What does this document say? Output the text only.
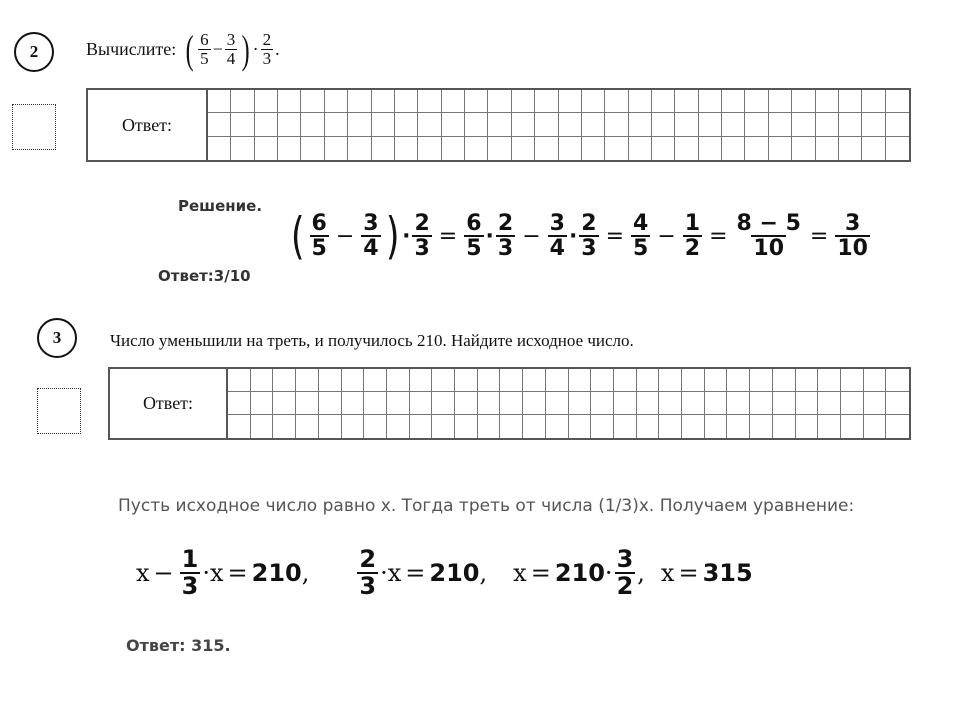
2	Вычислите: ( $\frac{6}{5} - \frac{3}{4}$ ) · $\frac{2}{3}$ .
Ответ:
Решение.
( $\frac{6}{5} - \frac{3}{4}$ ) · $\frac{2}{3} = \frac{6}{5} \cdot \frac{2}{3} - \frac{3}{4} \cdot \frac{2}{3} = \frac{4}{5} - \frac{1}{2} = \frac{8 - 5}{10} = \frac{3}{10}$
Ответ:3/10
3	Число уменьшили на треть, и получилось 210. Найдите исходное число.
Ответ:
Пусть исходное число равно х. Тогда треть от числа (1/3)х. Получаем уравнение:
$x - \frac{1}{3} \cdot x = 210$ , $\frac{2}{3} \cdot x = 210$ , $x = 210 \cdot \frac{3}{2}$ , x = 315
Ответ: 315.
